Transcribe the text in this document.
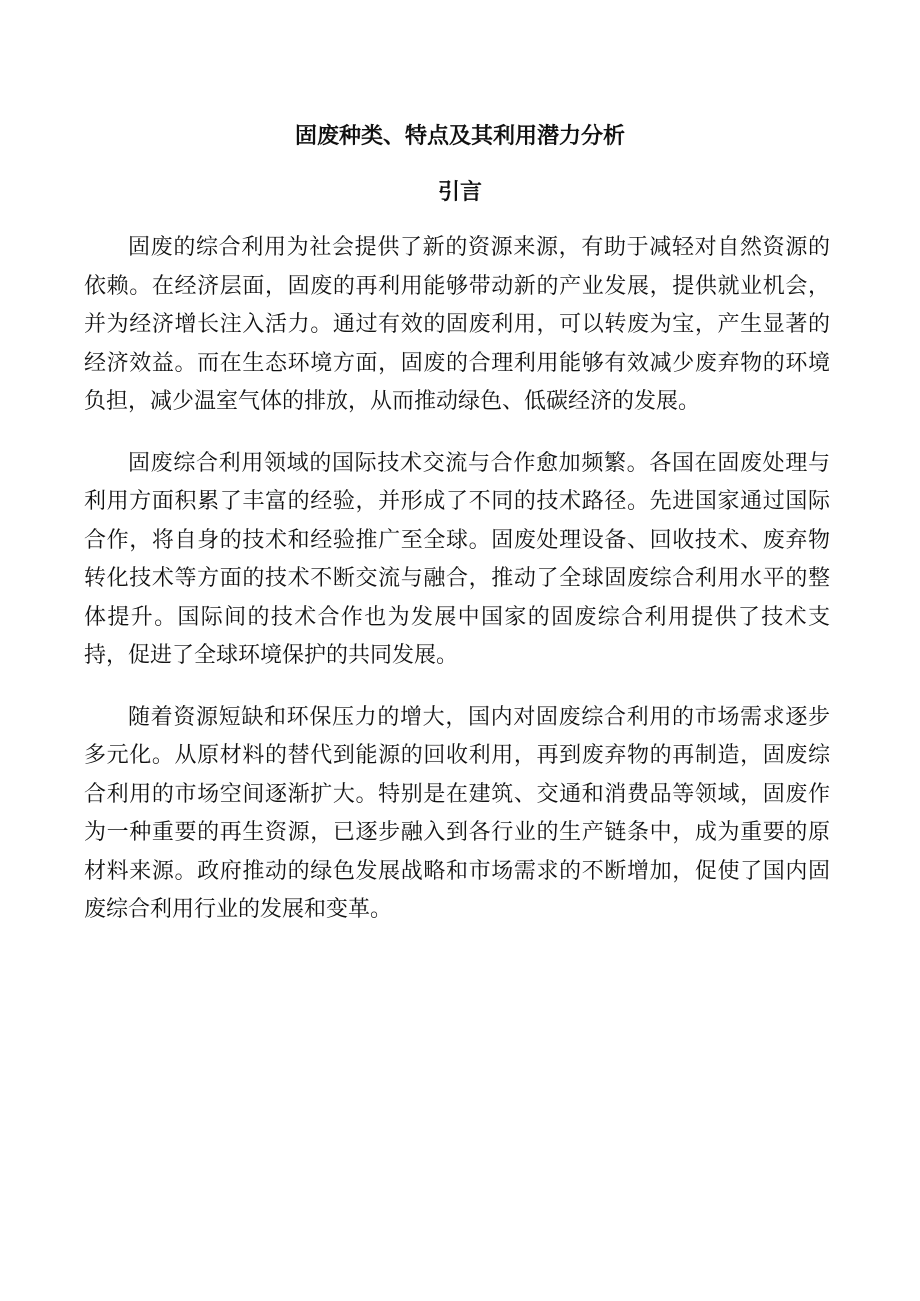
固废种类、特点及其利用潜力分析
引言

固废的综合利用为社会提供了新的资源来源，有助于减轻对自然资源的依赖。在经济层面，固废的再利用能够带动新的产业发展，提供就业机会，并为经济增长注入活力。通过有效的固废利用，可以转废为宝，产生显著的经济效益。而在生态环境方面，固废的合理利用能够有效减少废弃物的环境负担，减少温室气体的排放，从而推动绿色、低碳经济的发展。

固废综合利用领域的国际技术交流与合作愈加频繁。各国在固废处理与利用方面积累了丰富的经验，并形成了不同的技术路径。先进国家通过国际合作，将自身的技术和经验推广至全球。固废处理设备、回收技术、废弃物转化技术等方面的技术不断交流与融合，推动了全球固废综合利用水平的整体提升。国际间的技术合作也为发展中国家的固废综合利用提供了技术支持，促进了全球环境保护的共同发展。

随着资源短缺和环保压力的增大，国内对固废综合利用的市场需求逐步多元化。从原材料的替代到能源的回收利用，再到废弃物的再制造，固废综合利用的市场空间逐渐扩大。特别是在建筑、交通和消费品等领域，固废作为一种重要的再生资源，已逐步融入到各行业的生产链条中，成为重要的原材料来源。政府推动的绿色发展战略和市场需求的不断增加，促使了国内固废综合利用行业的发展和变革。
